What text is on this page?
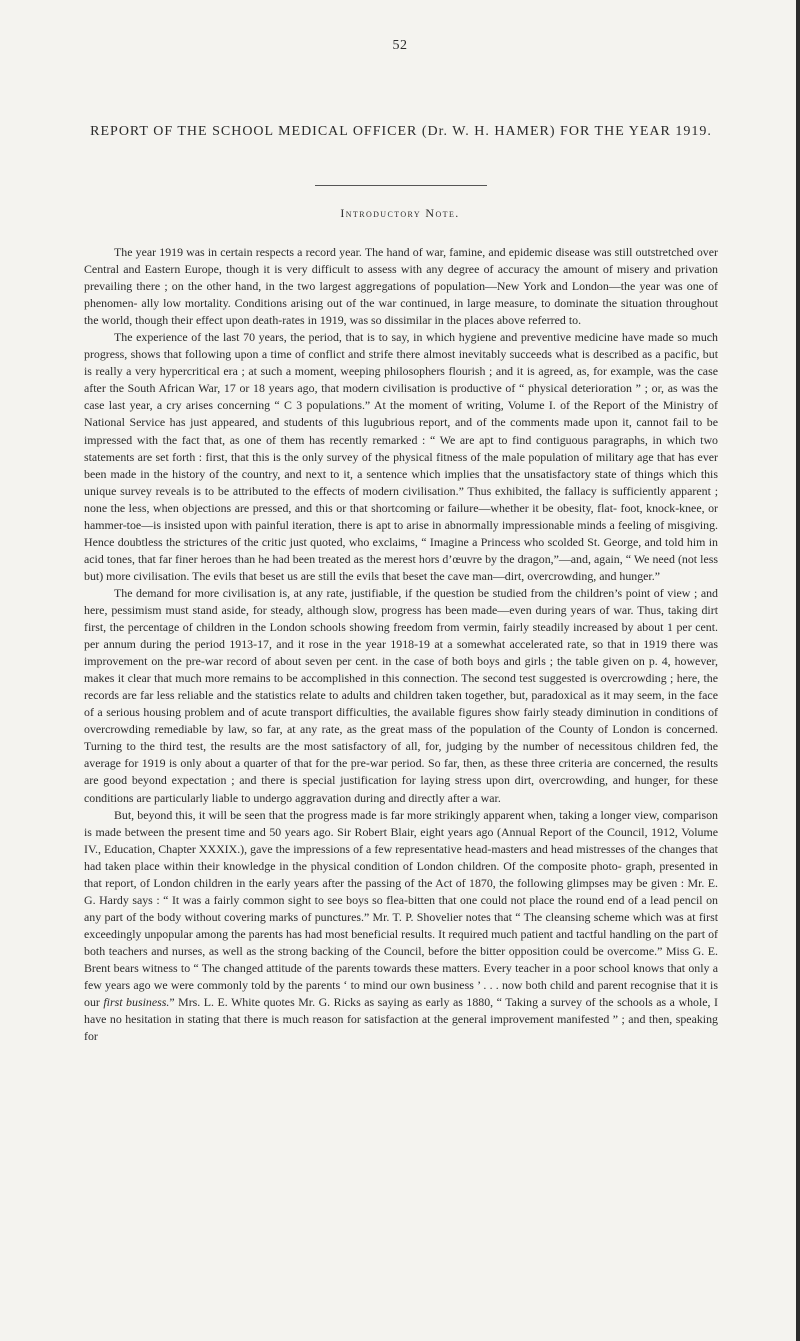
52
REPORT OF THE SCHOOL MEDICAL OFFICER (Dr. W. H. HAMER) FOR THE YEAR 1919.
Introductory Note.

The year 1919 was in certain respects a record year. The hand of war, famine, and epidemic disease was still outstretched over Central and Eastern Europe, though it is very difficult to assess with any degree of accuracy the amount of misery and privation prevailing there ; on the other hand, in the two largest aggregations of population—New York and London—the year was one of phenomen- ally low mortality. Conditions arising out of the war continued, in large measure, to dominate the situation throughout the world, though their effect upon death-rates in 1919, was so dissimilar in the places above referred to.

The experience of the last 70 years, the period, that is to say, in which hygiene and preventive medicine have made so much progress, shows that following upon a time of conflict and strife there almost inevitably succeeds what is described as a pacific, but is really a very hypercritical era ; at such a moment, weeping philosophers flourish ; and it is agreed, as, for example, was the case after the South African War, 17 or 18 years ago, that modern civilisation is productive of “ physical deterioration ” ; or, as was the case last year, a cry arises concerning “ C 3 populations.” At the moment of writing, Volume I. of the Report of the Ministry of National Service has just appeared, and students of this lugubrious report, and of the comments made upon it, cannot fail to be impressed with the fact that, as one of them has recently remarked : “ We are apt to find contiguous paragraphs, in which two statements are set forth : first, that this is the only survey of the physical fitness of the male population of military age that has ever been made in the history of the country, and next to it, a sentence which implies that the unsatisfactory state of things which this unique survey reveals is to be attributed to the effects of modern civilisation.” Thus exhibited, the fallacy is sufficiently apparent ; none the less, when objections are pressed, and this or that shortcoming or failure—whether it be obesity, flat- foot, knock-knee, or hammer-toe—is insisted upon with painful iteration, there is apt to arise in abnormally impressionable minds a feeling of misgiving. Hence doubtless the strictures of the critic just quoted, who exclaims, “ Imagine a Princess who scolded St. George, and told him in acid tones, that far finer heroes than he had been treated as the merest hors d’œuvre by the dragon,”—and, again, “ We need (not less but) more civilisation. The evils that beset us are still the evils that beset the cave man—dirt, overcrowding, and hunger.”

The demand for more civilisation is, at any rate, justifiable, if the question be studied from the children’s point of view ; and here, pessimism must stand aside, for steady, although slow, progress has been made—even during years of war. Thus, taking dirt first, the percentage of children in the London schools showing freedom from vermin, fairly steadily increased by about 1 per cent. per annum during the period 1913-17, and it rose in the year 1918-19 at a somewhat accelerated rate, so that in 1919 there was improvement on the pre-war record of about seven per cent. in the case of both boys and girls ; the table given on p. 4, however, makes it clear that much more remains to be accomplished in this connection. The second test suggested is overcrowding ; here, the records are far less reliable and the statistics relate to adults and children taken together, but, paradoxical as it may seem, in the face of a serious housing problem and of acute transport difficulties, the available figures show fairly steady diminution in conditions of overcrowding remediable by law, so far, at any rate, as the great mass of the population of the County of London is concerned. Turning to the third test, the results are the most satisfactory of all, for, judging by the number of necessitous children fed, the average for 1919 is only about a quarter of that for the pre-war period. So far, then, as these three criteria are concerned, the results are good beyond expectation ; and there is special justification for laying stress upon dirt, overcrowding, and hunger, for these conditions are particularly liable to undergo aggravation during and directly after a war.

But, beyond this, it will be seen that the progress made is far more strikingly apparent when, taking a longer view, comparison is made between the present time and 50 years ago. Sir Robert Blair, eight years ago (Annual Report of the Council, 1912, Volume IV., Education, Chapter XXXIX.), gave the impressions of a few representative head-masters and head mistresses of the changes that had taken place within their knowledge in the physical condition of London children. Of the composite photo- graph, presented in that report, of London children in the early years after the passing of the Act of 1870, the following glimpses may be given : Mr. E. G. Hardy says : “ It was a fairly common sight to see boys so flea-bitten that one could not place the round end of a lead pencil on any part of the body without covering marks of punctures.” Mr. T. P. Shovelier notes that “ The cleansing scheme which was at first exceedingly unpopular among the parents has had most beneficial results. It required much patient and tactful handling on the part of both teachers and nurses, as well as the strong backing of the Council, before the bitter opposition could be overcome.” Miss G. E. Brent bears witness to “ The changed attitude of the parents towards these matters. Every teacher in a poor school knows that only a few years ago we were commonly told by the parents ‘ to mind our own business ’ . . . now both child and parent recognise that it is our first business.” Mrs. L. E. White quotes Mr. G. Ricks as saying as early as 1880, “ Taking a survey of the schools as a whole, I have no hesitation in stating that there is much reason for satisfaction at the general improvement manifested ” ; and then, speaking for
